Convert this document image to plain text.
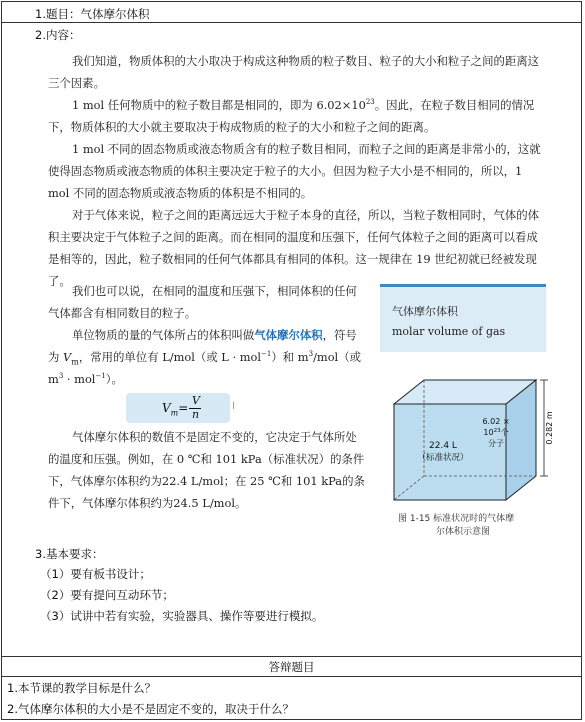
1.题目：气体摩尔体积
2.内容：

我们知道，物质体积的大小取决于构成这种物质的粒子数目、粒子的大小和粒子之间的距离这三个因素。

1 mol 任何物质中的粒子数目都是相同的，即为 $6.02\times 10^{23}$。因此，在粒子数目相同的情况下，物质体积的大小就主要取决于构成物质的粒子的大小和粒子之间的距离。

1 mol 不同的固态物质或液态物质含有的粒子数目相同，而粒子之间的距离是非常小的，这就使得固态物质或液态物质的体积主要决定于粒子的大小。但因为粒子大小是不相同的，所以，1 mol 不同的固态物质或液态物质的体积是不相同的。

对于气体来说，粒子之间的距离远远大于粒子本身的直径，所以，当粒子数相同时，气体的体积主要决定于气体粒子之间的距离。而在相同的温度和压强下，任何气体粒子之间的距离可以看成是相等的，因此，粒子数相同的任何气体都具有相同的体积。这一规律在 19 世纪初就已经被发现了。

我们也可以说，在相同的温度和压强下，相同体积的任何气体都含有相同数目的粒子。

单位物质的量的气体所占的体积叫做气体摩尔体积，符号为 $V_m$，常用的单位有 L/mol（或 L · mol$^{-1}$）和 $m^3/mol$（或$m^3 \cdot mol^{-1}$）。

$V_m=$
V
n
ǀ

气体摩尔体积的数值不是固定不变的，它决定于气体所处的温度和压强。例如，在 0 ℃和 101 kPa（标准状况）的条件下，气体摩尔体积约为22.4 L/mol；在 25 ℃和 101 kPa的条件下，气体摩尔体积约为24.5 L/mol。

气体摩尔体积
molar volume of gas
22.4 L
（标准状况）
6.02 ×
$10^{23}$个
分子	0.282 m
图 1-15 标准状况时的气体摩
尔体积示意图
3.基本要求：
（1）要有板书设计；
（2）要有提问互动环节；
（3）试讲中若有实验，实验器具、操作等要进行模拟。
答辩题目
1.本节课的教学目标是什么？
2.气体摩尔体积的大小是不是固定不变的，取决于什么？
